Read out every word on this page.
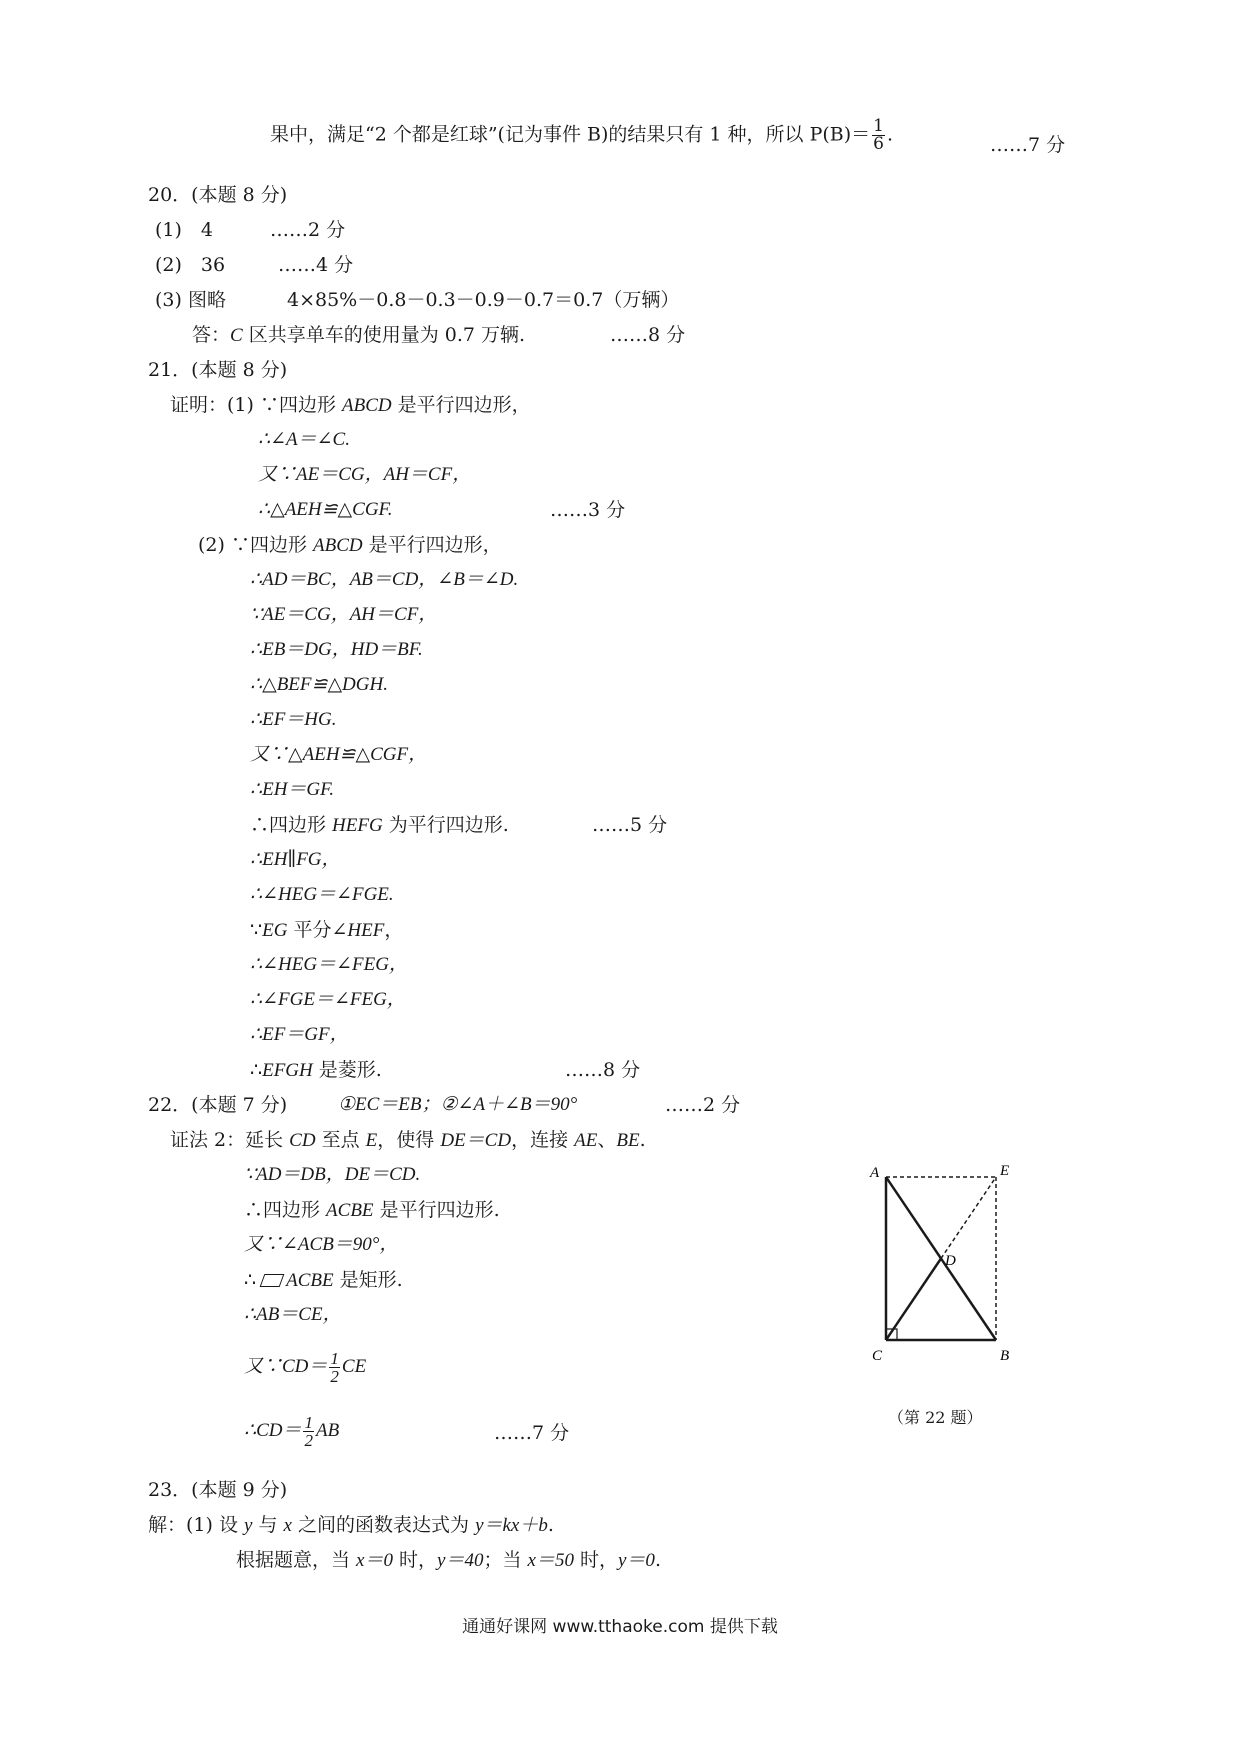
果中，满足“2 个都是红球”(记为事件 B)的结果只有 1 种，所以 $P(B)= \frac{1}{6}$ .	……7 分
20．(本题 8 分)
(1)　4	……2 分
(2)　36	……4 分
(3) 图略	4×85%－0.8－0.3－0.9－0.7＝0.7（万辆）
答：C 区共享单车的使用量为 0.7 万辆.	……8 分
21．(本题 8 分)
证明：(1) ∵四边形 ABCD 是平行四边形，
∴∠A＝∠C.
又∵AE＝CG，AH＝CF，
∴△AEH≌△CGF.	……3 分
(2) ∵四边形 ABCD 是平行四边形，
∴AD＝BC，AB＝CD，∠B＝∠D.
∵AE＝CG，AH＝CF，
∴EB＝DG，HD＝BF.
∴△BEF≌△DGH.
∴EF＝HG.
又∵△AEH≌△CGF，
∴EH＝GF.
∴四边形 HEFG 为平行四边形.	……5 分
∴EH∥FG，
∴∠HEG＝∠FGE.
∵EG 平分∠HEF，
∴∠HEG＝∠FEG，
∴∠FGE＝∠FEG，
∴EF＝GF，
∴EFGH 是菱形.	……8 分
22．(本题 7 分)	①EC＝EB；②∠A＋∠B＝90°	……2 分
证法 2：延长 CD 至点 E，使得 DE＝CD，连接 AE、BE.
∵AD＝DB，DE＝CD.
∴四边形 ACBE 是平行四边形.
又∵∠ACB＝90°，
∴ ACBE 是矩形.
∴AB＝CE，
又∵CD＝ $\frac{1}{2}$ CE
∴CD＝ $\frac{1}{2}$ AB	……7 分
A	E
D
C	B
（第 22 题）
23．(本题 9 分)
解：(1) 设 y 与 x 之间的函数表达式为 y＝kx＋b.
根据题意，当 x＝0 时，y＝40；当 x＝50 时，y＝0.
通通好课网 www.tthaoke.com 提供下载
